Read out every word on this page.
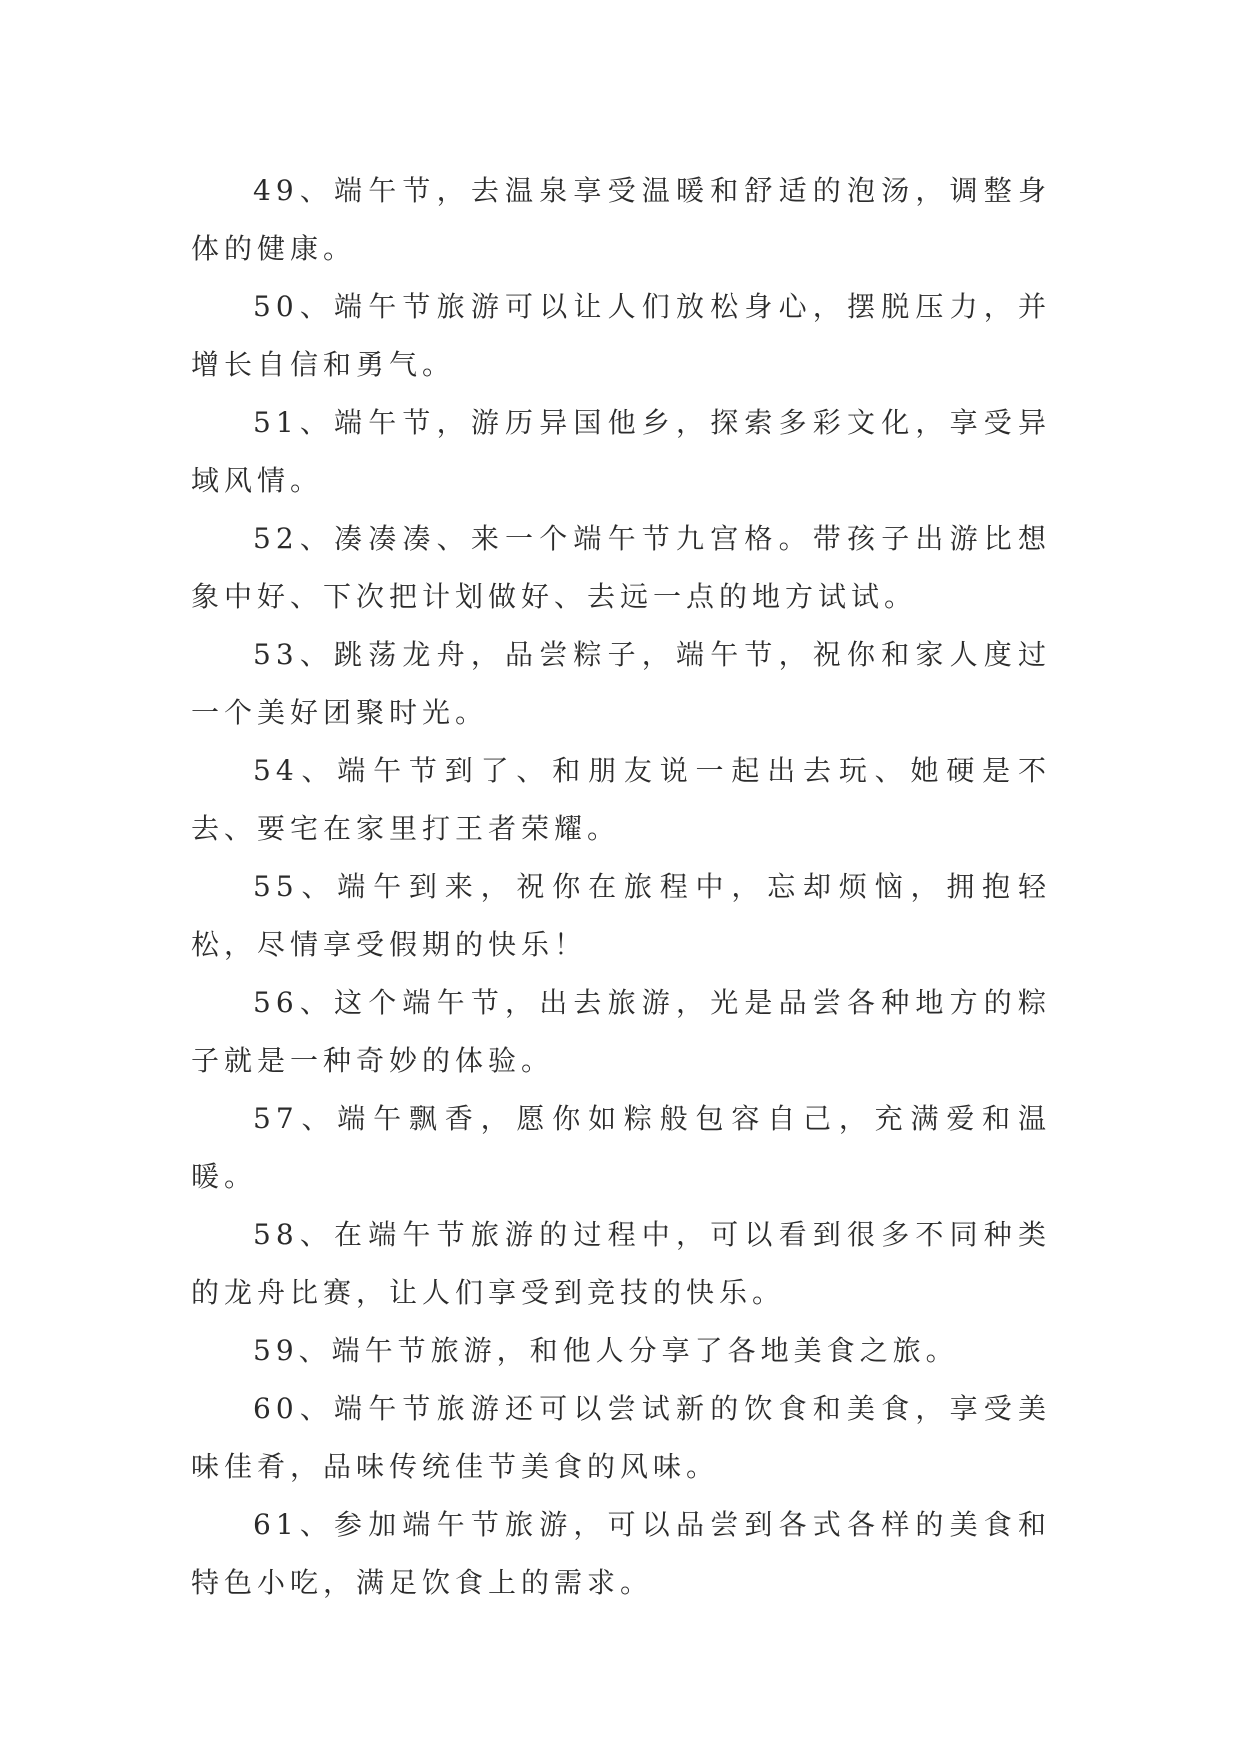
49、端午节，去温泉享受温暖和舒适的泡汤，调整身体的健康。

50、端午节旅游可以让人们放松身心，摆脱压力，并增长自信和勇气。

51、端午节，游历异国他乡，探索多彩文化，享受异域风情。

52、凑凑凑、来一个端午节九宫格。带孩子出游比想象中好、下次把计划做好、去远一点的地方试试。

53、跳荡龙舟，品尝粽子，端午节，祝你和家人度过一个美好团聚时光。

54、端午节到了、和朋友说一起出去玩、她硬是不去、要宅在家里打王者荣耀。

55、端午到来，祝你在旅程中，忘却烦恼，拥抱轻松，尽情享受假期的快乐！

56、这个端午节，出去旅游，光是品尝各种地方的粽子就是一种奇妙的体验。

57、端午飘香，愿你如粽般包容自己，充满爱和温暖。

58、在端午节旅游的过程中，可以看到很多不同种类的龙舟比赛，让人们享受到竞技的快乐。

59、端午节旅游，和他人分享了各地美食之旅。

60、端午节旅游还可以尝试新的饮食和美食，享受美味佳肴，品味传统佳节美食的风味。

61、参加端午节旅游，可以品尝到各式各样的美食和特色小吃，满足饮食上的需求。
